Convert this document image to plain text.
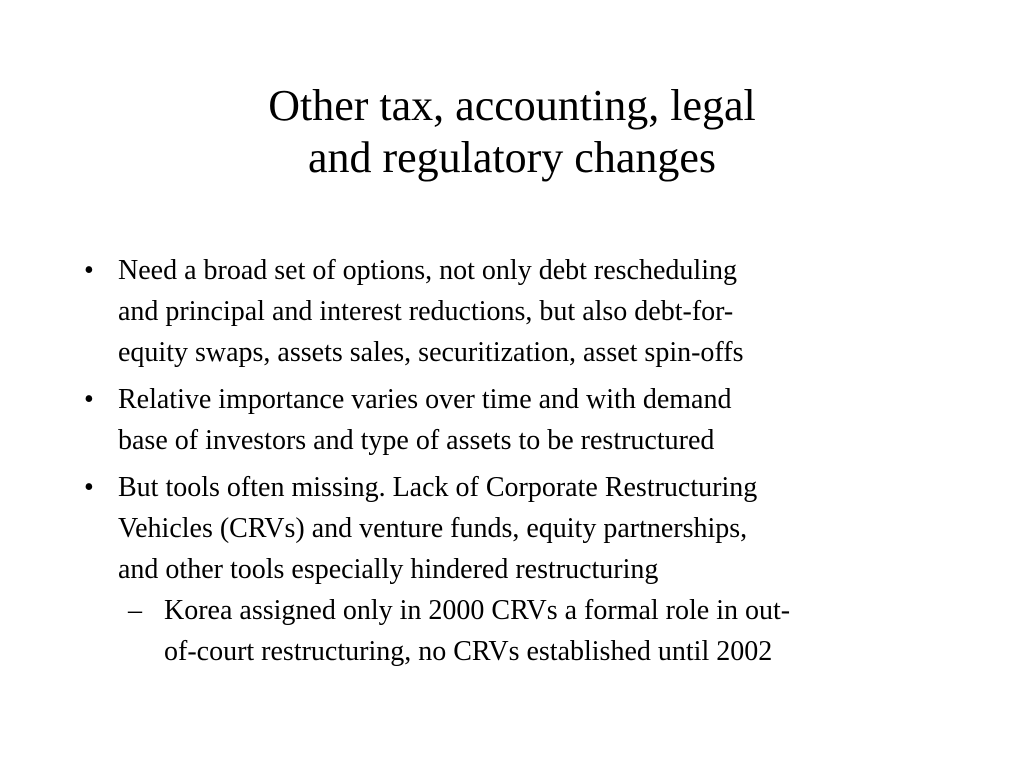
Other tax, accounting, legal
and regulatory changes
• Need a broad set of options, not only debt rescheduling
and principal and interest reductions, but also debt-for-
equity swaps, assets sales, securitization, asset spin-offs
• Relative importance varies over time and with demand
base of investors and type of assets to be restructured
• But tools often missing. Lack of Corporate Restructuring
Vehicles (CRVs) and venture funds, equity partnerships,
and other tools especially hindered restructuring
– Korea assigned only in 2000 CRVs a formal role in out-
of-court restructuring, no CRVs established until 2002
